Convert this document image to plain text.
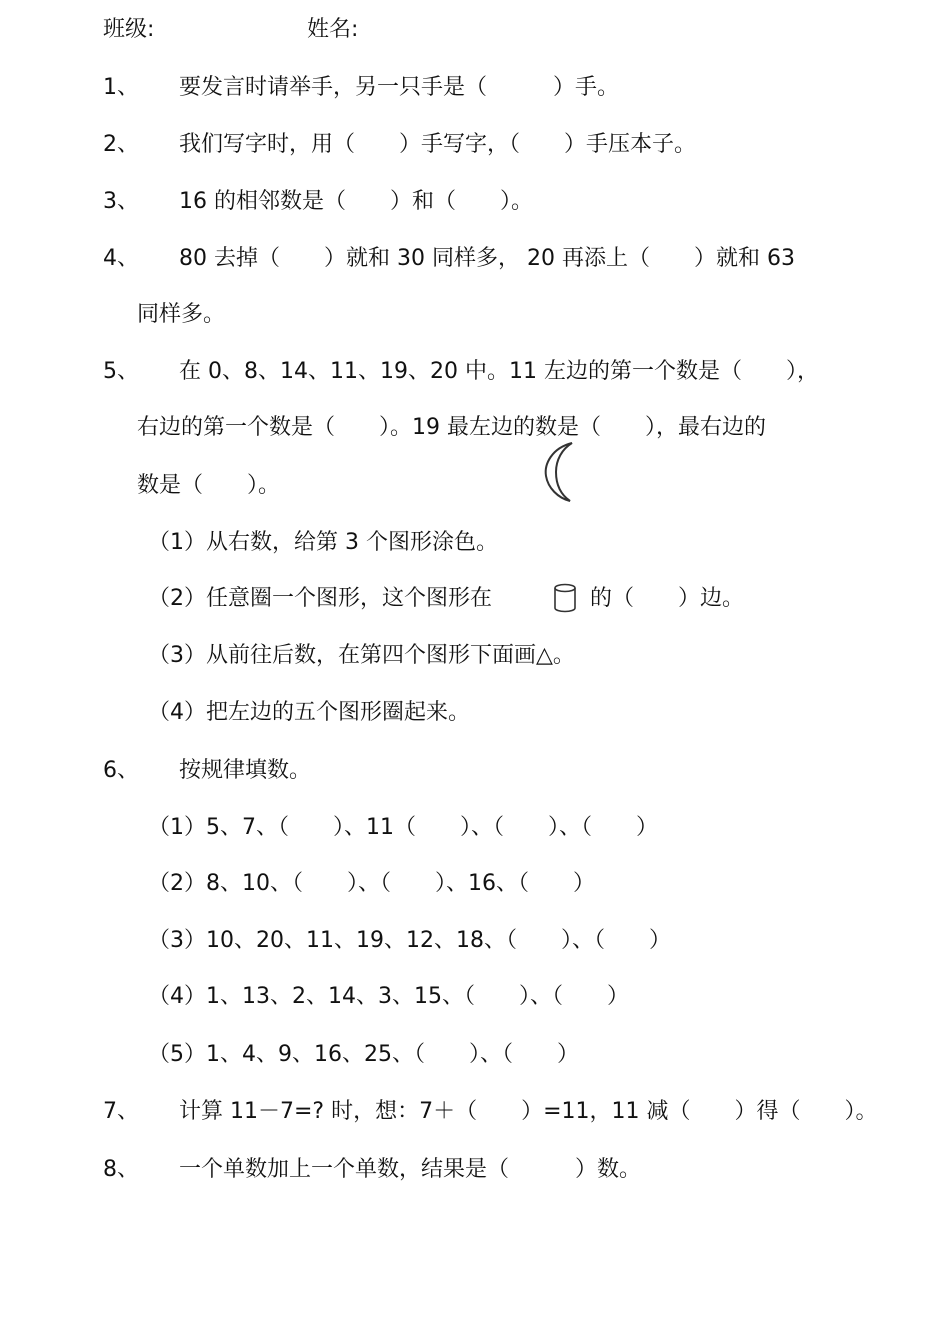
班级:	姓名:
1、 要发言时请举手，另一只手是（　　　）手。
2、 我们写字时，用（　　）手写字，（　　）手压本子。
3、 16 的相邻数是（　　）和（　　）。
4、 80 去掉（　　）就和 30 同样多， 20 再添上（　　）就和 63
同样多。
5、 在 0、8、14、11、19、20 中。11 左边的第一个数是（　　），
右边的第一个数是（　　）。19 最左边的数是（　　），最右边的
数是（　　）。
（1）从右数，给第 3 个图形涂色。
（2）任意圈一个图形，这个图形在	的（　　）边。
（3）从前往后数，在第四个图形下面画△。
（4）把左边的五个图形圈起来。
6、 按规律填数。
（1）5、7、（　　）、11（　　）、（　　）、（　　）
（2）8、10、（　　）、（　　）、16、（　　）
（3）10、20、11、19、12、18、（　　）、（　　）
（4）1、13、2、14、3、15、（　　）、（　　）
（5）1、4、9、16、25、（　　）、（　　）
7、 计算 11－7=? 时，想：7＋（　　）=11，11 减（　　）得（　　）。
8、 一个单数加上一个单数，结果是（　　　）数。
